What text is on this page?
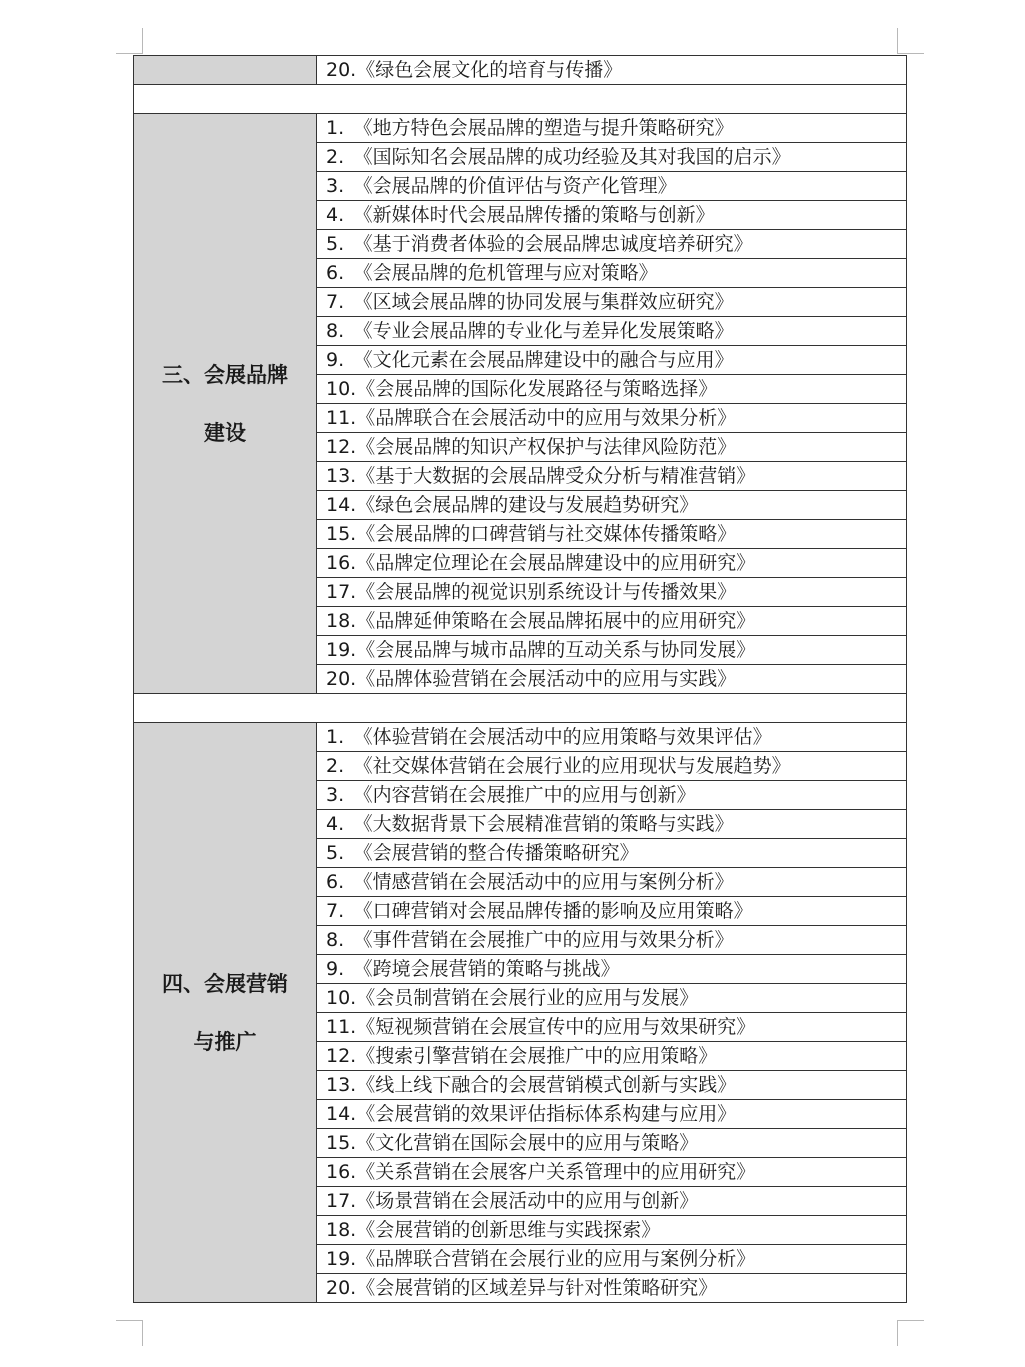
	20.《绿色会展文化的培育与传播》

三、会展品牌
建设	1.　《地方特色会展品牌的塑造与提升策略研究》
	2.　《国际知名会展品牌的成功经验及其对我国的启示》
	3.　《会展品牌的价值评估与资产化管理》
	4.　《新媒体时代会展品牌传播的策略与创新》
	5.　《基于消费者体验的会展品牌忠诚度培养研究》
	6.　《会展品牌的危机管理与应对策略》
	7.　《区域会展品牌的协同发展与集群效应研究》
	8.　《专业会展品牌的专业化与差异化发展策略》
	9.　《文化元素在会展品牌建设中的融合与应用》
	10.《会展品牌的国际化发展路径与策略选择》
	11.《品牌联合在会展活动中的应用与效果分析》
	12.《会展品牌的知识产权保护与法律风险防范》
	13.《基于大数据的会展品牌受众分析与精准营销》
	14.《绿色会展品牌的建设与发展趋势研究》
	15.《会展品牌的口碑营销与社交媒体传播策略》
	16.《品牌定位理论在会展品牌建设中的应用研究》
	17.《会展品牌的视觉识别系统设计与传播效果》
	18.《品牌延伸策略在会展品牌拓展中的应用研究》
	19.《会展品牌与城市品牌的互动关系与协同发展》
	20.《品牌体验营销在会展活动中的应用与实践》

四、会展营销
与推广	1.　《体验营销在会展活动中的应用策略与效果评估》
	2.　《社交媒体营销在会展行业的应用现状与发展趋势》
	3.　《内容营销在会展推广中的应用与创新》
	4.　《大数据背景下会展精准营销的策略与实践》
	5.　《会展营销的整合传播策略研究》
	6.　《情感营销在会展活动中的应用与案例分析》
	7.　《口碑营销对会展品牌传播的影响及应用策略》
	8.　《事件营销在会展推广中的应用与效果分析》
	9.　《跨境会展营销的策略与挑战》
	10.《会员制营销在会展行业的应用与发展》
	11.《短视频营销在会展宣传中的应用与效果研究》
	12.《搜索引擎营销在会展推广中的应用策略》
	13.《线上线下融合的会展营销模式创新与实践》
	14.《会展营销的效果评估指标体系构建与应用》
	15.《文化营销在国际会展中的应用与策略》
	16.《关系营销在会展客户关系管理中的应用研究》
	17.《场景营销在会展活动中的应用与创新》
	18.《会展营销的创新思维与实践探索》
	19.《品牌联合营销在会展行业的应用与案例分析》
	20.《会展营销的区域差异与针对性策略研究》
